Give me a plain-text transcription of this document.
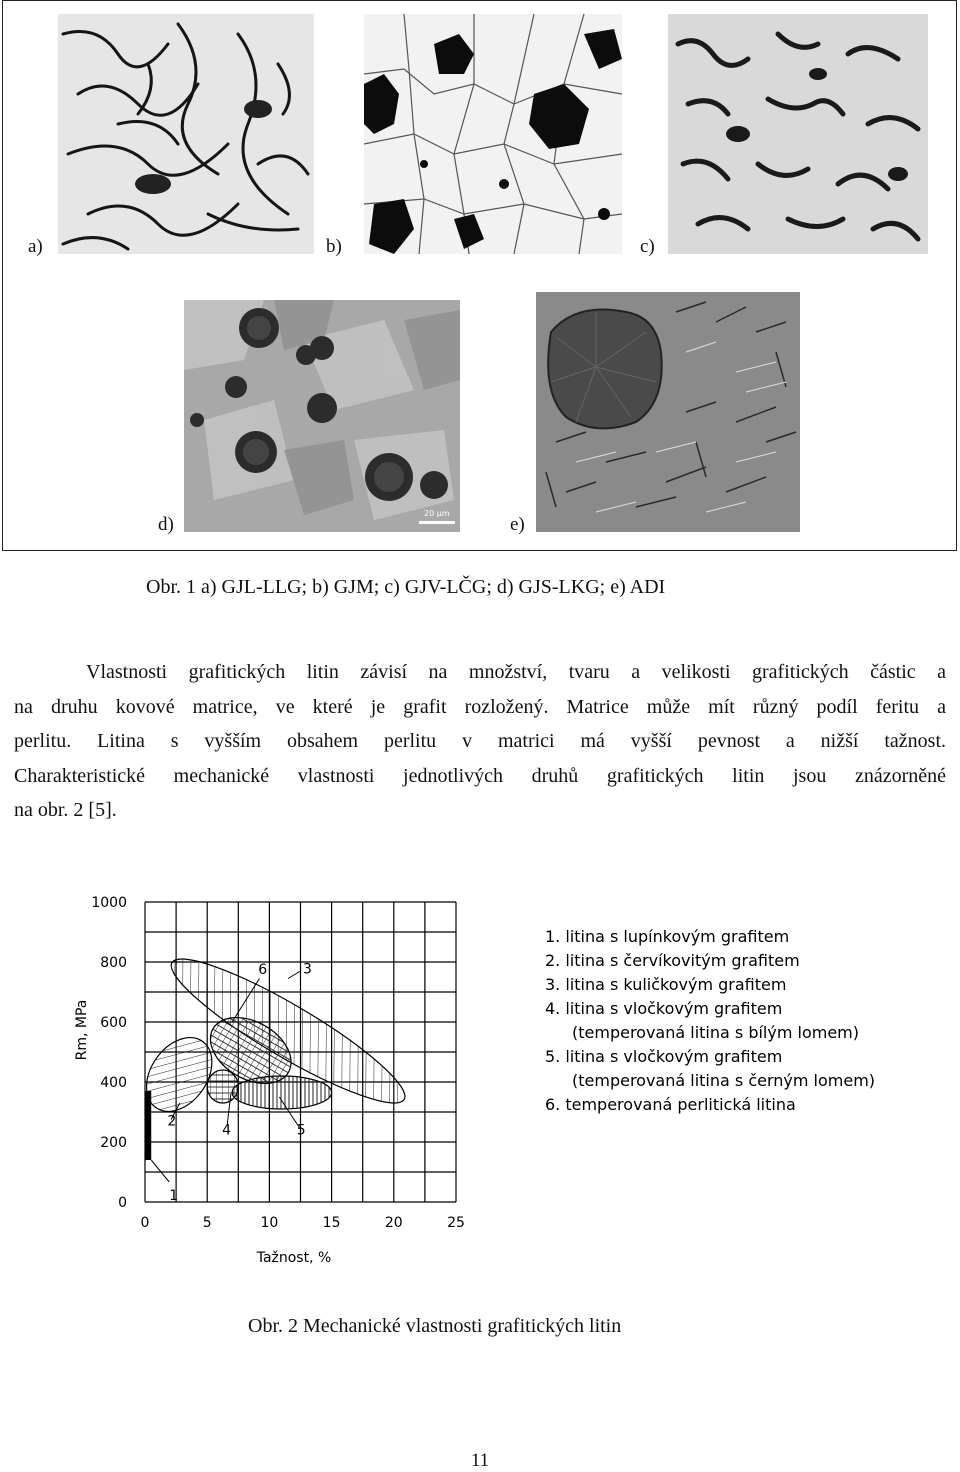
a)	b)	c)
20 µm
d)	e)
Obr. 1 a) GJL-LLG; b) GJM; c) GJV-LČG; d) GJS-LKG; e) ADI
Vlastnosti grafitických litin závisí na množství, tvaru a velikosti grafitických částic a
na druhu kovové matrice, ve které je grafit rozložený. Matrice může mít různý podíl feritu a
perlitu. Litina s vyšším obsahem perlitu v matrici má vyšší pevnost a nižší tažnost.
Charakteristické mechanické vlastnosti jednotlivých druhů grafitických litin jsou znázorněné
na obr. 2 [5].
0	5	10	15	20	25
0
200
400
600
800
1000
1
3
2
4	5
6
Rm, MPa
Tažnost, %
1. litina s lupínkovým grafitem
2. litina s červíkovitým grafitem
3. litina s kuličkovým grafitem
4. litina s vločkovým grafitem
(temperovaná litina s bílým lomem)
5. litina s vločkovým grafitem
(temperovaná litina s černým lomem)
6. temperovaná perlitická litina
Obr. 2 Mechanické vlastnosti grafitických litin
11
